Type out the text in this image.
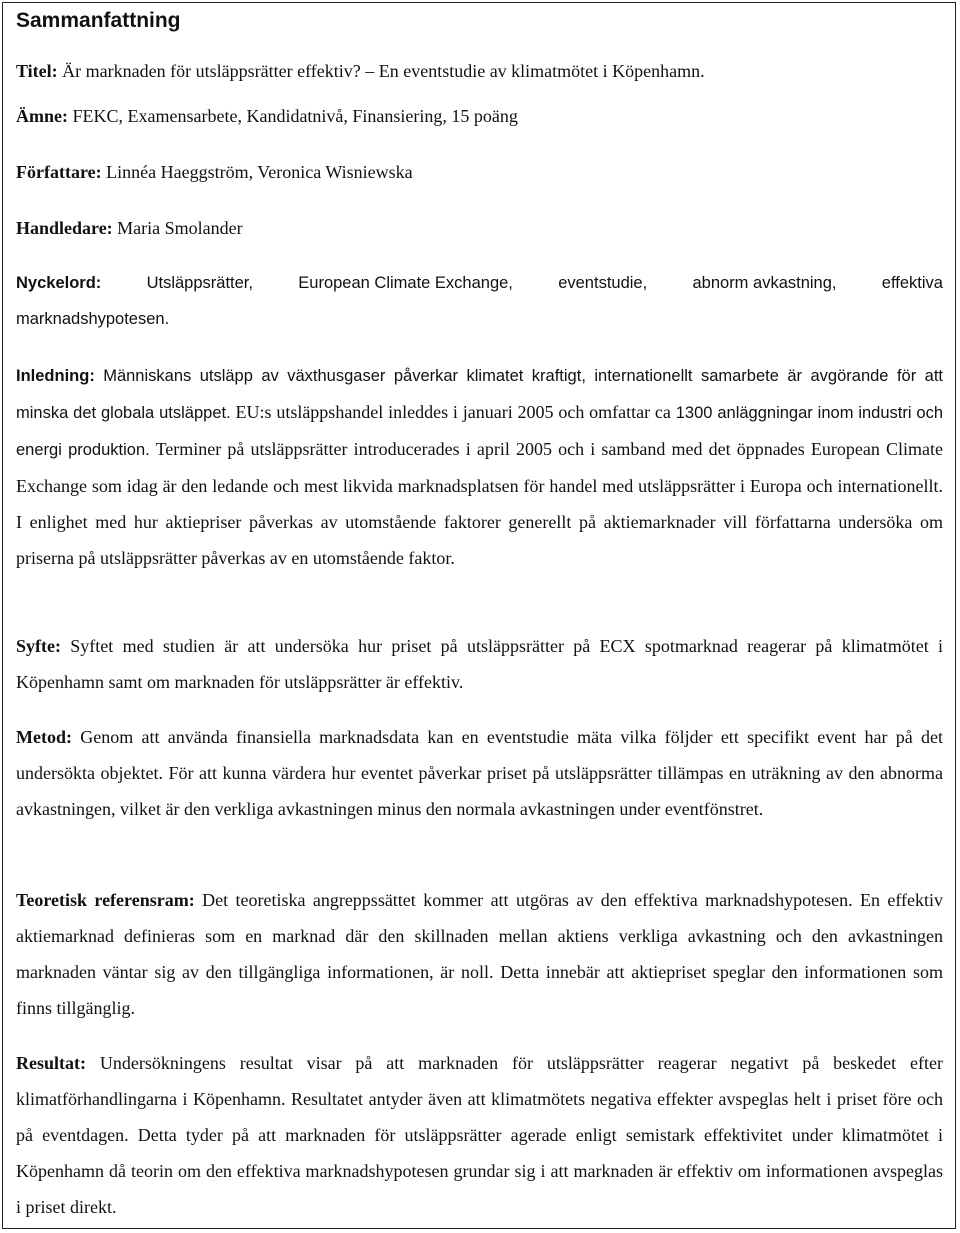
Sammanfattning

Titel: Är marknaden för utsläppsrätter effektiv? – En eventstudie av klimatmötet i Köpenhamn.

Ämne: FEKC, Examensarbete, Kandidatnivå, Finansiering, 15 poäng

Författare: Linnéa Haeggström, Veronica Wisniewska

Handledare: Maria Smolander

Nyckelord:	Utsläppsrätter,	European Climate Exchange,	eventstudie,	abnorm avkastning,	effektiva

marknadshypotesen.

Inledning: Människans utsläpp av växthusgaser påverkar klimatet kraftigt, internationellt samarbete är avgörande för att minska det globala utsläppet. EU:s utsläppshandel inleddes i januari 2005 och omfattar ca 1300 anläggningar inom industri och energi produktion. Terminer på utsläppsrätter introducerades i april 2005 och i samband med det öppnades European Climate Exchange som idag är den ledande och mest likvida marknadsplatsen för handel med utsläppsrätter i Europa och internationellt. I enlighet med hur aktiepriser påverkas av utomstående faktorer generellt på aktiemarknader vill författarna undersöka om priserna på utsläppsrätter påverkas av en utomstående faktor.

Syfte: Syftet med studien är att undersöka hur priset på utsläppsrätter på ECX spotmarknad reagerar på klimatmötet i Köpenhamn samt om marknaden för utsläppsrätter är effektiv.

Metod: Genom att använda finansiella marknadsdata kan en eventstudie mäta vilka följder ett specifikt event har på det undersökta objektet. För att kunna värdera hur eventet påverkar priset på utsläppsrätter tillämpas en uträkning av den abnorma avkastningen, vilket är den verkliga avkastningen minus den normala avkastningen under eventfönstret.

Teoretisk referensram: Det teoretiska angreppssättet kommer att utgöras av den effektiva marknadshypotesen. En effektiv aktiemarknad definieras som en marknad där den skillnaden mellan aktiens verkliga avkastning och den avkastningen marknaden väntar sig av den tillgängliga informationen, är noll. Detta innebär att aktiepriset speglar den informationen som finns tillgänglig.

Resultat: Undersökningens resultat visar på att marknaden för utsläppsrätter reagerar negativt på beskedet efter klimatförhandlingarna i Köpenhamn. Resultatet antyder även att klimatmötets negativa effekter avspeglas helt i priset före och på eventdagen. Detta tyder på att marknaden för utsläppsrätter agerade enligt semistark effektivitet under klimatmötet i Köpenhamn då teorin om den effektiva marknadshypotesen grundar sig i att marknaden är effektiv om informationen avspeglas i priset direkt.
